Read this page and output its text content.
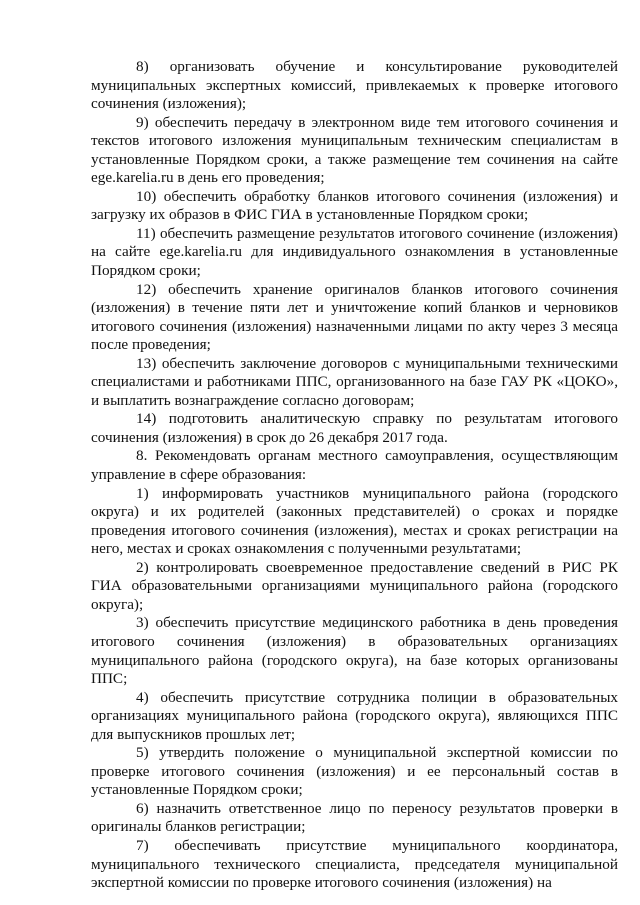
8) организовать обучение и консультирование руководителей муниципальных экспертных комиссий, привлекаемых к проверке итогового сочинения (изложения);

9) обеспечить передачу в электронном виде тем итогового сочинения и текстов итогового изложения муниципальным техническим специалистам в установленные Порядком сроки, а также размещение тем сочинения на сайте ege.karelia.ru в день его проведения;

10) обеспечить обработку бланков итогового сочинения (изложения) и загрузку их образов в ФИС ГИА в установленные Порядком сроки;

11) обеспечить размещение результатов итогового сочинение (изложения) на сайте ege.karelia.ru для индивидуального ознакомления в установленные Порядком сроки;

12) обеспечить хранение оригиналов бланков итогового сочинения (изложения) в течение пяти лет и уничтожение копий бланков и черновиков итогового сочинения (изложения) назначенными лицами по акту через 3 месяца после проведения;

13) обеспечить заключение договоров с муниципальными техническими специалистами и работниками ППС, организованного на базе ГАУ РК «ЦОКО», и выплатить вознаграждение согласно договорам;

14) подготовить аналитическую справку по результатам итогового сочинения (изложения) в срок до 26 декабря 2017 года.

8. Рекомендовать органам местного самоуправления, осуществляющим управление в сфере образования:

1) информировать участников муниципального района (городского округа) и их родителей (законных представителей) о сроках и порядке проведения итогового сочинения (изложения), местах и сроках регистрации на него, местах и сроках ознакомления с полученными результатами;

2) контролировать своевременное предоставление сведений в РИС РК ГИА образовательными организациями муниципального района (городского округа);

3) обеспечить присутствие медицинского работника в день проведения итогового сочинения (изложения) в образовательных организациях муниципального района (городского округа), на базе которых организованы ППС;

4) обеспечить присутствие сотрудника полиции в образовательных организациях муниципального района (городского округа), являющихся ППС для выпускников прошлых лет;

5) утвердить положение о муниципальной экспертной комиссии по проверке итогового сочинения (изложения) и ее персональный состав в установленные Порядком сроки;

6) назначить ответственное лицо по переносу результатов проверки в оригиналы бланков регистрации;

7) обеспечивать присутствие муниципального координатора, муниципального технического специалиста, председателя муниципальной экспертной комиссии по проверке итогового сочинения (изложения) на
